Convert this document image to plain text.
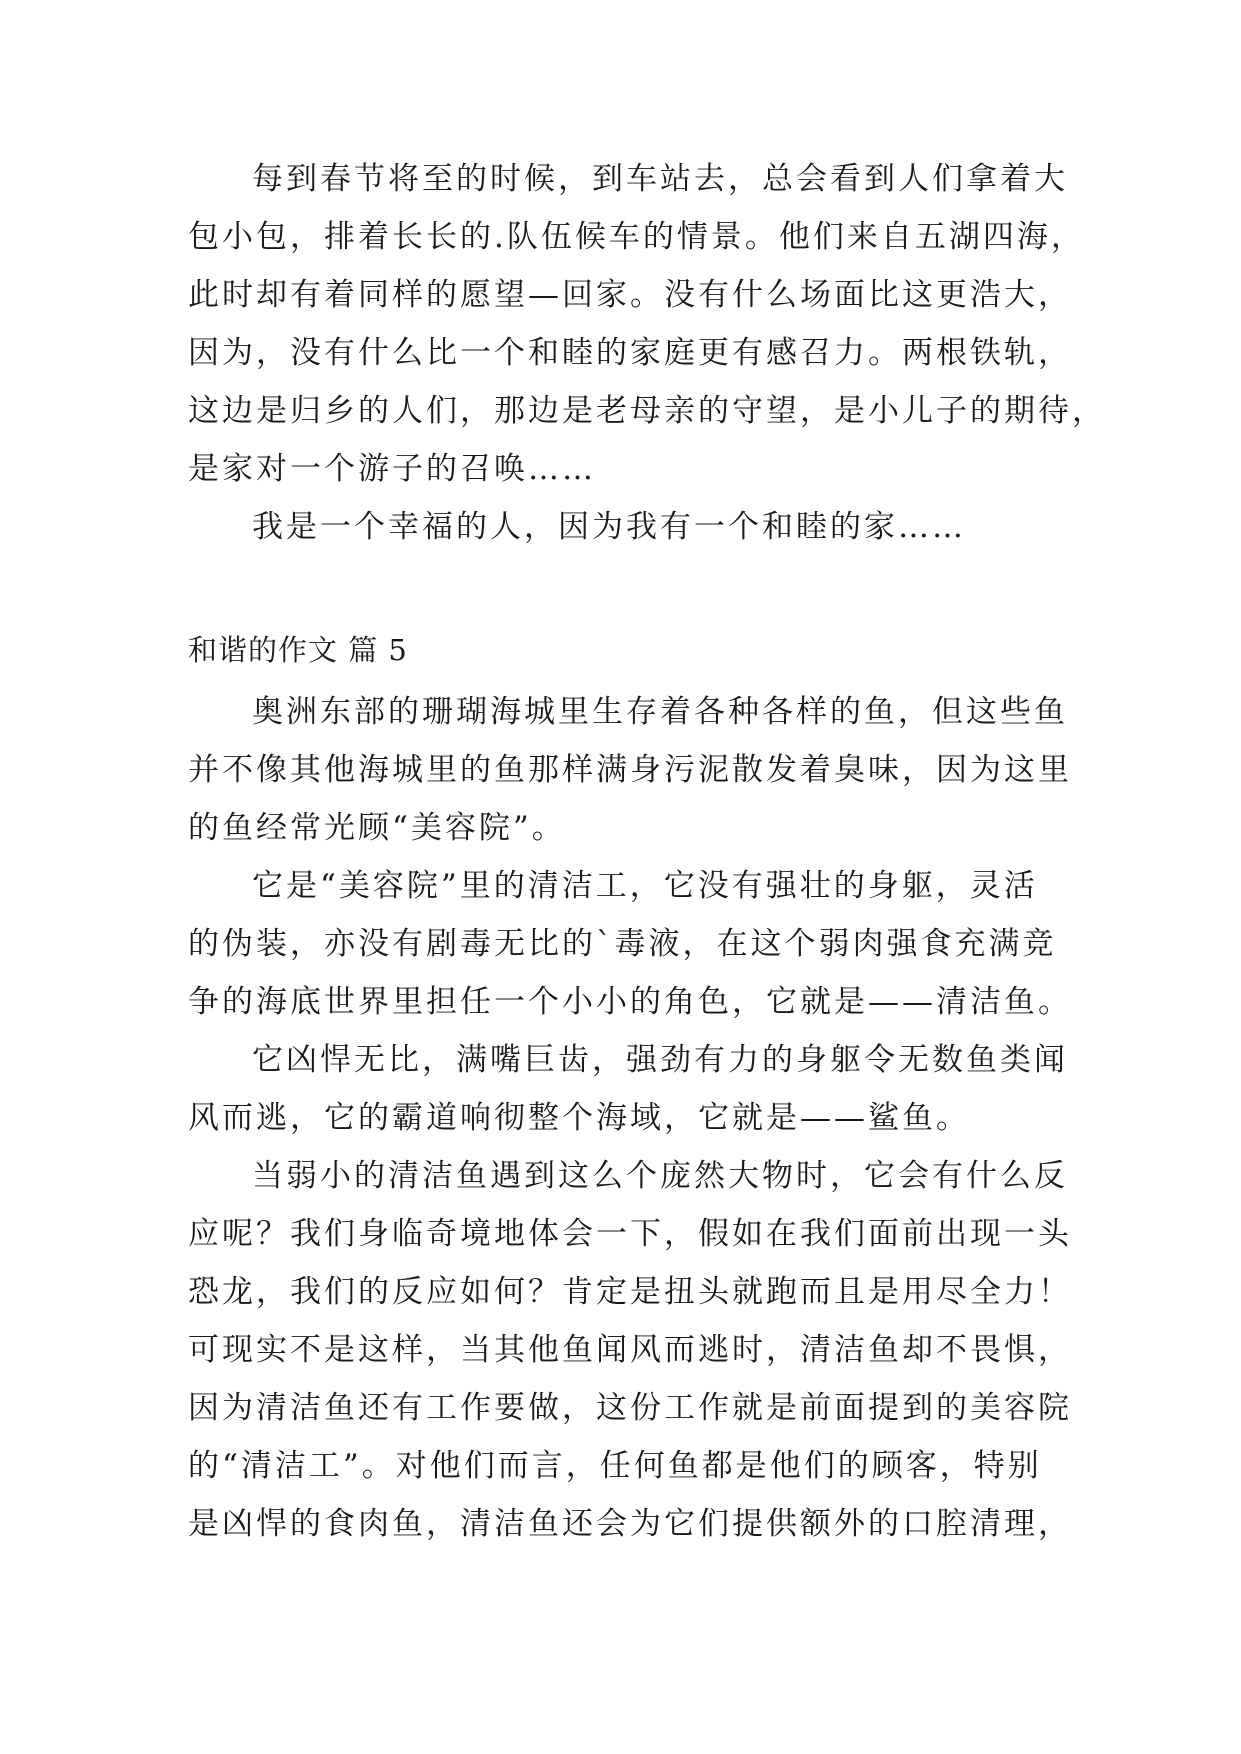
每到春节将至的时候，到车站去，总会看到人们拿着大
包小包，排着长长的.队伍候车的情景。他们来自五湖四海，
此时却有着同样的愿望—回家。没有什么场面比这更浩大，
因为，没有什么比一个和睦的家庭更有感召力。两根铁轨，
这边是归乡的人们，那边是老母亲的守望，是小儿子的期待，
是家对一个游子的召唤……
我是一个幸福的人，因为我有一个和睦的家……
和谐的作文 篇 5
奥洲东部的珊瑚海城里生存着各种各样的鱼，但这些鱼
并不像其他海城里的鱼那样满身污泥散发着臭味，因为这里
的鱼经常光顾“美容院”。
它是“美容院”里的清洁工，它没有强壮的身躯，灵活
的伪装，亦没有剧毒无比的`毒液，在这个弱肉强食充满竞
争的海底世界里担任一个小小的角色，它就是——清洁鱼。
它凶悍无比，满嘴巨齿，强劲有力的身躯令无数鱼类闻
风而逃，它的霸道响彻整个海域，它就是——鲨鱼。
当弱小的清洁鱼遇到这么个庞然大物时，它会有什么反
应呢？我们身临奇境地体会一下，假如在我们面前出现一头
恐龙，我们的反应如何？肯定是扭头就跑而且是用尽全力！
可现实不是这样，当其他鱼闻风而逃时，清洁鱼却不畏惧，
因为清洁鱼还有工作要做，这份工作就是前面提到的美容院
的“清洁工”。对他们而言，任何鱼都是他们的顾客，特别
是凶悍的食肉鱼，清洁鱼还会为它们提供额外的口腔清理，
